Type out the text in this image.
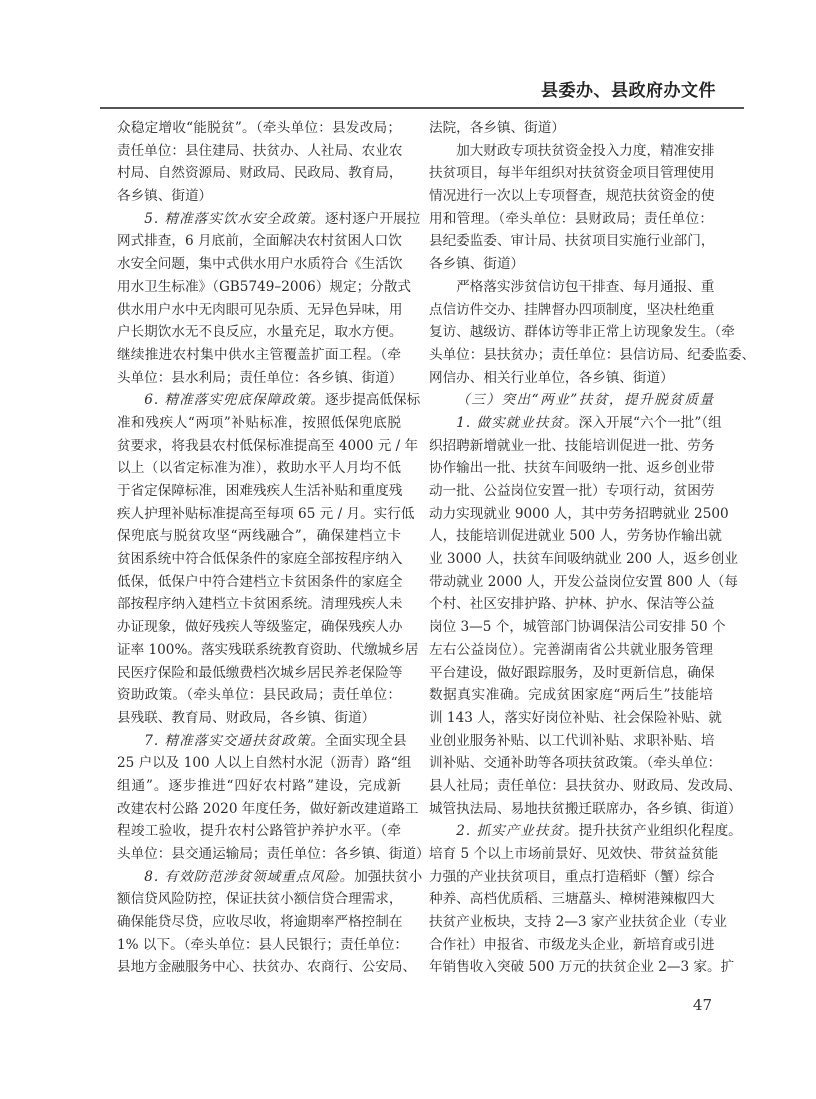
县委办、县政府办文件
众稳定增收“能脱贫”。（牵头单位：县发改局；
责任单位：县住建局、扶贫办、人社局、农业农
村局、自然资源局、财政局、民政局、教育局，
各乡镇、街道）
5. 精准落实饮水安全政策。逐村逐户开展拉
网式排查，6 月底前，全面解决农村贫困人口饮
水安全问题，集中式供水用户水质符合《生活饮
用水卫生标准》（GB5749–2006）规定；分散式
供水用户水中无肉眼可见杂质、无异色异味，用
户长期饮水无不良反应，水量充足，取水方便。
继续推进农村集中供水主管覆盖扩面工程。（牵
头单位：县水利局；责任单位：各乡镇、街道）
6. 精准落实兜底保障政策。逐步提高低保标
准和残疾人“两项”补贴标准，按照低保兜底脱
贫要求，将我县农村低保标准提高至 4000 元 / 年
以上（以省定标准为准），救助水平人月均不低
于省定保障标准，困难残疾人生活补贴和重度残
疾人护理补贴标准提高至每项 65 元 / 月。实行低
保兜底与脱贫攻坚“两线融合”，确保建档立卡
贫困系统中符合低保条件的家庭全部按程序纳入
低保，低保户中符合建档立卡贫困条件的家庭全
部按程序纳入建档立卡贫困系统。清理残疾人未
办证现象，做好残疾人等级鉴定，确保残疾人办
证率 100%。落实残联系统教育资助、代缴城乡居
民医疗保险和最低缴费档次城乡居民养老保险等
资助政策。（牵头单位：县民政局；责任单位：
县残联、教育局、财政局，各乡镇、街道）
7. 精准落实交通扶贫政策。全面实现全县
25 户以及 100 人以上自然村水泥（沥青）路“组
组通”。逐步推进“四好农村路”建设，完成新
改建农村公路 2020 年度任务，做好新改建道路工
程竣工验收，提升农村公路管护养护水平。（牵
头单位：县交通运输局；责任单位：各乡镇、街道）
8. 有效防范涉贫领域重点风险。加强扶贫小
额信贷风险防控，保证扶贫小额信贷合理需求，
确保能贷尽贷，应收尽收，将逾期率严格控制在
1% 以下。（牵头单位：县人民银行；责任单位：
县地方金融服务中心、扶贫办、农商行、公安局、
法院，各乡镇、街道）
加大财政专项扶贫资金投入力度，精准安排
扶贫项目，每半年组织对扶贫资金项目管理使用
情况进行一次以上专项督查，规范扶贫资金的使
用和管理。（牵头单位：县财政局；责任单位：
县纪委监委、审计局、扶贫项目实施行业部门，
各乡镇、街道）
严格落实涉贫信访包干排查、每月通报、重
点信访件交办、挂牌督办四项制度，坚决杜绝重
复访、越级访、群体访等非正常上访现象发生。（牵
头单位：县扶贫办；责任单位：县信访局、纪委监委、
网信办、相关行业单位，各乡镇、街道）
（三）突出“两业”扶贫，提升脱贫质量
1. 做实就业扶贫。深入开展“六个一批”（组
织招聘新增就业一批、技能培训促进一批、劳务
协作输出一批、扶贫车间吸纳一批、返乡创业带
动一批、公益岗位安置一批）专项行动，贫困劳
动力实现就业 9000 人，其中劳务招聘就业 2500
人，技能培训促进就业 500 人，劳务协作输出就
业 3000 人，扶贫车间吸纳就业 200 人，返乡创业
带动就业 2000 人，开发公益岗位安置 800 人（每
个村、社区安排护路、护林、护水、保洁等公益
岗位 3—5 个，城管部门协调保洁公司安排 50 个
左右公益岗位）。完善湖南省公共就业服务管理
平台建设，做好跟踪服务，及时更新信息，确保
数据真实准确。完成贫困家庭“两后生”技能培
训 143 人，落实好岗位补贴、社会保险补贴、就
业创业服务补贴、以工代训补贴、求职补贴、培
训补贴、交通补助等各项扶贫政策。（牵头单位：
县人社局；责任单位：县扶贫办、财政局、发改局、
城管执法局、易地扶贫搬迁联席办，各乡镇、街道）
2. 抓实产业扶贫。提升扶贫产业组织化程度。
培育 5 个以上市场前景好、见效快、带贫益贫能
力强的产业扶贫项目，重点打造稻虾（蟹）综合
种养、高档优质稻、三塘藠头、樟树港辣椒四大
扶贫产业板块，支持 2—3 家产业扶贫企业（专业
合作社）申报省、市级龙头企业，新培育或引进
年销售收入突破 500 万元的扶贫企业 2—3 家。扩
47
